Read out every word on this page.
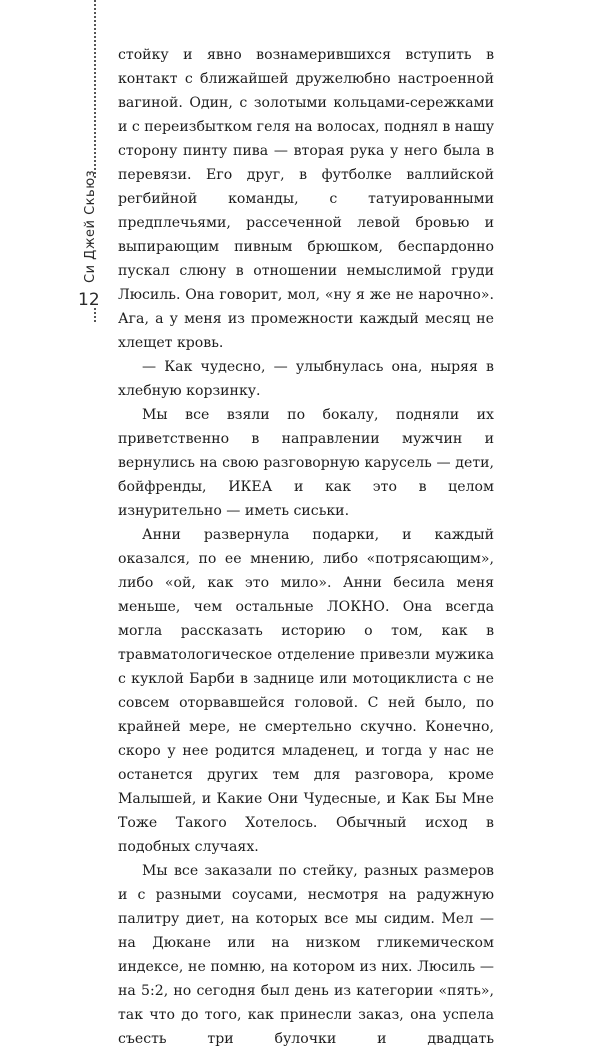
Си Джей Скьюз
12

стойку и явно вознамерившихся вступить в контакт с ближайшей дружелюбно настроенной вагиной. Один, с золотыми кольцами-сережками и с переизбытком геля на волосах, поднял в нашу сторону пинту пива — вторая рука у него была в перевязи. Его друг, в футболке валлийской регбийной команды, с татуированными предплечьями, рассеченной левой бровью и выпирающим пивным брюшком, беспардонно пускал слюну в отношении немыслимой груди Люсиль. Она говорит, мол, «ну я же не нарочно». Ага, а у меня из промежности каждый месяц не хлещет кровь.

— Как чудесно, — улыбнулась она, ныряя в хлебную корзинку.

Мы все взяли по бокалу, подняли их приветственно в направлении мужчин и вернулись на свою разговорную карусель — дети, бойфренды, ИКЕА и как это в целом изнурительно — иметь сиськи.

Анни развернула подарки, и каждый оказался, по ее мнению, либо «потрясающим», либо «ой, как это мило». Анни бесила меня меньше, чем остальные ЛОКНО. Она всегда могла рассказать историю о том, как в травматологическое отделение привезли мужика с куклой Барби в заднице или мотоциклиста с не совсем оторвавшейся головой. С ней было, по крайней мере, не смертельно скучно. Конечно, скоро у нее родится младенец, и тогда у нас не останется других тем для разговора, кроме Малышей, и Какие Они Чудесные, и Как Бы Мне Тоже Такого Хотелось. Обычный исход в подобных случаях.

Мы все заказали по стейку, разных размеров и с разными соусами, несмотря на радужную палитру диет, на которых все мы сидим. Мел — на Дюкане или на низком гликемическом индексе, не помню, на котором из них. Люсиль — на 5:2, но сегодня был день из категории «пять», так что до того, как принесли заказ, она успела съесть три булочки и двадцать
